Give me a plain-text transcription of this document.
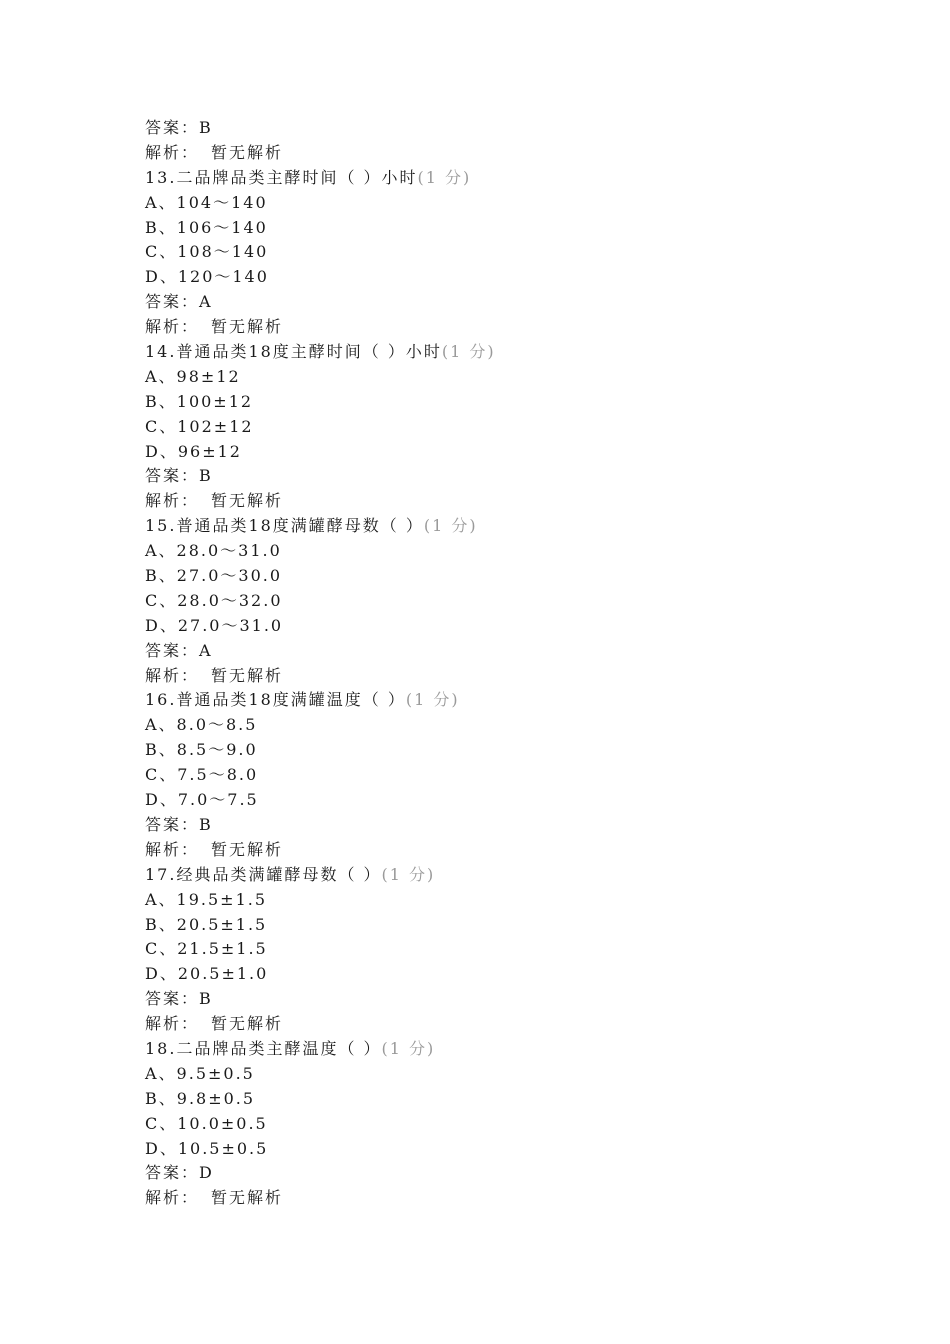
答案：B
解析： 暂无解析
13.二品牌品类主酵时间（ ）小时(1 分)
A、104～140
B、106～140
C、108～140
D、120～140
答案：A
解析： 暂无解析
14.普通品类18度主酵时间（ ）小时(1 分)
A、98±12
B、100±12
C、102±12
D、96±12
答案：B
解析： 暂无解析
15.普通品类18度满罐酵母数（ ）(1 分)
A、28.0～31.0
B、27.0～30.0
C、28.0～32.0
D、27.0～31.0
答案：A
解析： 暂无解析
16.普通品类18度满罐温度（ ）(1 分)
A、8.0～8.5
B、8.5～9.0
C、7.5～8.0
D、7.0～7.5
答案：B
解析： 暂无解析
17.经典品类满罐酵母数（ ）(1 分)
A、19.5±1.5
B、20.5±1.5
C、21.5±1.5
D、20.5±1.0
答案：B
解析： 暂无解析
18.二品牌品类主酵温度（ ）(1 分)
A、9.5±0.5
B、9.8±0.5
C、10.0±0.5
D、10.5±0.5
答案：D
解析： 暂无解析
